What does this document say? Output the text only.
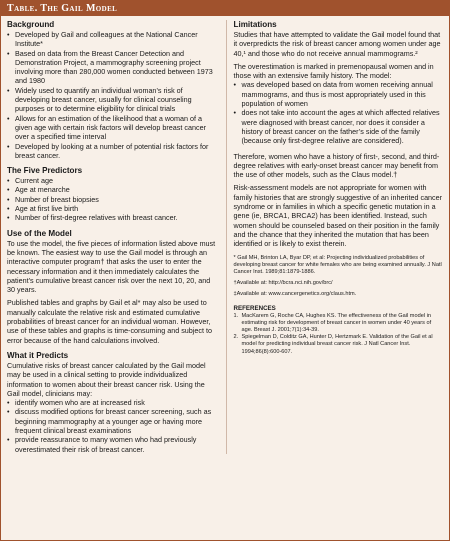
Table. The Gail Model
Background
• Developed by Gail and colleagues at the National Cancer Institute*
• Based on data from the Breast Cancer Detection and Demonstration Project, a mammography screening project involving more than 280,000 women conducted between 1973 and 1980
• Widely used to quantify an individual woman’s risk of developing breast cancer, usually for clinical counseling purposes or to determine eligibility for clinical trials
• Allows for an estimation of the likelihood that a woman of a given age with certain risk factors will develop breast cancer over a specified time interval
• Developed by looking at a number of potential risk factors for breast cancer.
The Five Predictors
• Current age
• Age at menarche
• Number of breast biopsies
• Age at first live birth
• Number of first-degree relatives with breast cancer.
Use of the Model

To use the model, the five pieces of information listed above must be known. The easiest way to use the Gail model is through an interactive computer program† that asks the user to enter the necessary information and it then immediately calculates the patient’s cumulative breast cancer risk over the next 10, 20, and 30 years.

Published tables and graphs by Gail et al* may also be used to manually calculate the relative risk and estimated cumulative probabilities of breast cancer for an individual woman. However, use of these tables and graphs is time-consuming and subject to error because of the hand calculations involved.

What it Predicts

Cumulative risks of breast cancer calculated by the Gail model may be used in a clinical setting to provide individualized information to women about their breast cancer risk. Using the Gail model, clinicians may:

• identify women who are at increased risk
• discuss modified options for breast cancer screening, such as beginning mammography at a younger age or having more frequent clinical breast examinations
• provide reassurance to many women who had previously overestimated their risk of breast cancer.
Limitations

Studies that have attempted to validate the Gail model found that it overpredicts the risk of breast cancer among women under age 40,¹ and those who do not receive annual mammograms.²

The overestimation is marked in premenopausal women and in those with an extensive family history. The model:

• was developed based on data from women receiving annual mammograms, and thus is most appropriately used in this population of women
• does not take into account the ages at which affected relatives were diagnosed with breast cancer, nor does it consider a history of breast cancer on the father’s side of the family (because only first-degree relative are considered).

Therefore, women who have a history of first-, second, and third-degree relatives with early-onset breast cancer may benefit from the use of other models, such as the Claus model.†

Risk-assessment models are not appropriate for women with family histories that are strongly suggestive of an inherited cancer syndrome or in families in which a specific genetic mutation in a gene (ie, BRCA1, BRCA2) has been identified. Instead, such women should be counseled based on their position in the family and the chance that they inherited the mutation that has been identified or is likely to exist therein.

* Gail MH, Brinton LA, Byar DP, et al: Projecting individualized probabilities of developing breast cancer for white females who are being examined annually. J Natl Cancer Inst. 1989;81:1879-1886.

†Available at: http://bcra.nci.nih.gov/brc/

‡Available at: www.cancergenetics.org/claus.htm.

REFERENCES
MacKarem G, Roche CA, Hughes KS. The effectiveness of the Gail model in estimating risk for development of breast cancer in women under 40 years of age. Breast J. 2001;7(1):34-39.
Spiegelman D, Colditz GA, Hunter D, Hertzmark E. Validation of the Gail et al model for predicting individual breast cancer risk. J Natl Cancer Inst. 1994;86(8):600-607.
